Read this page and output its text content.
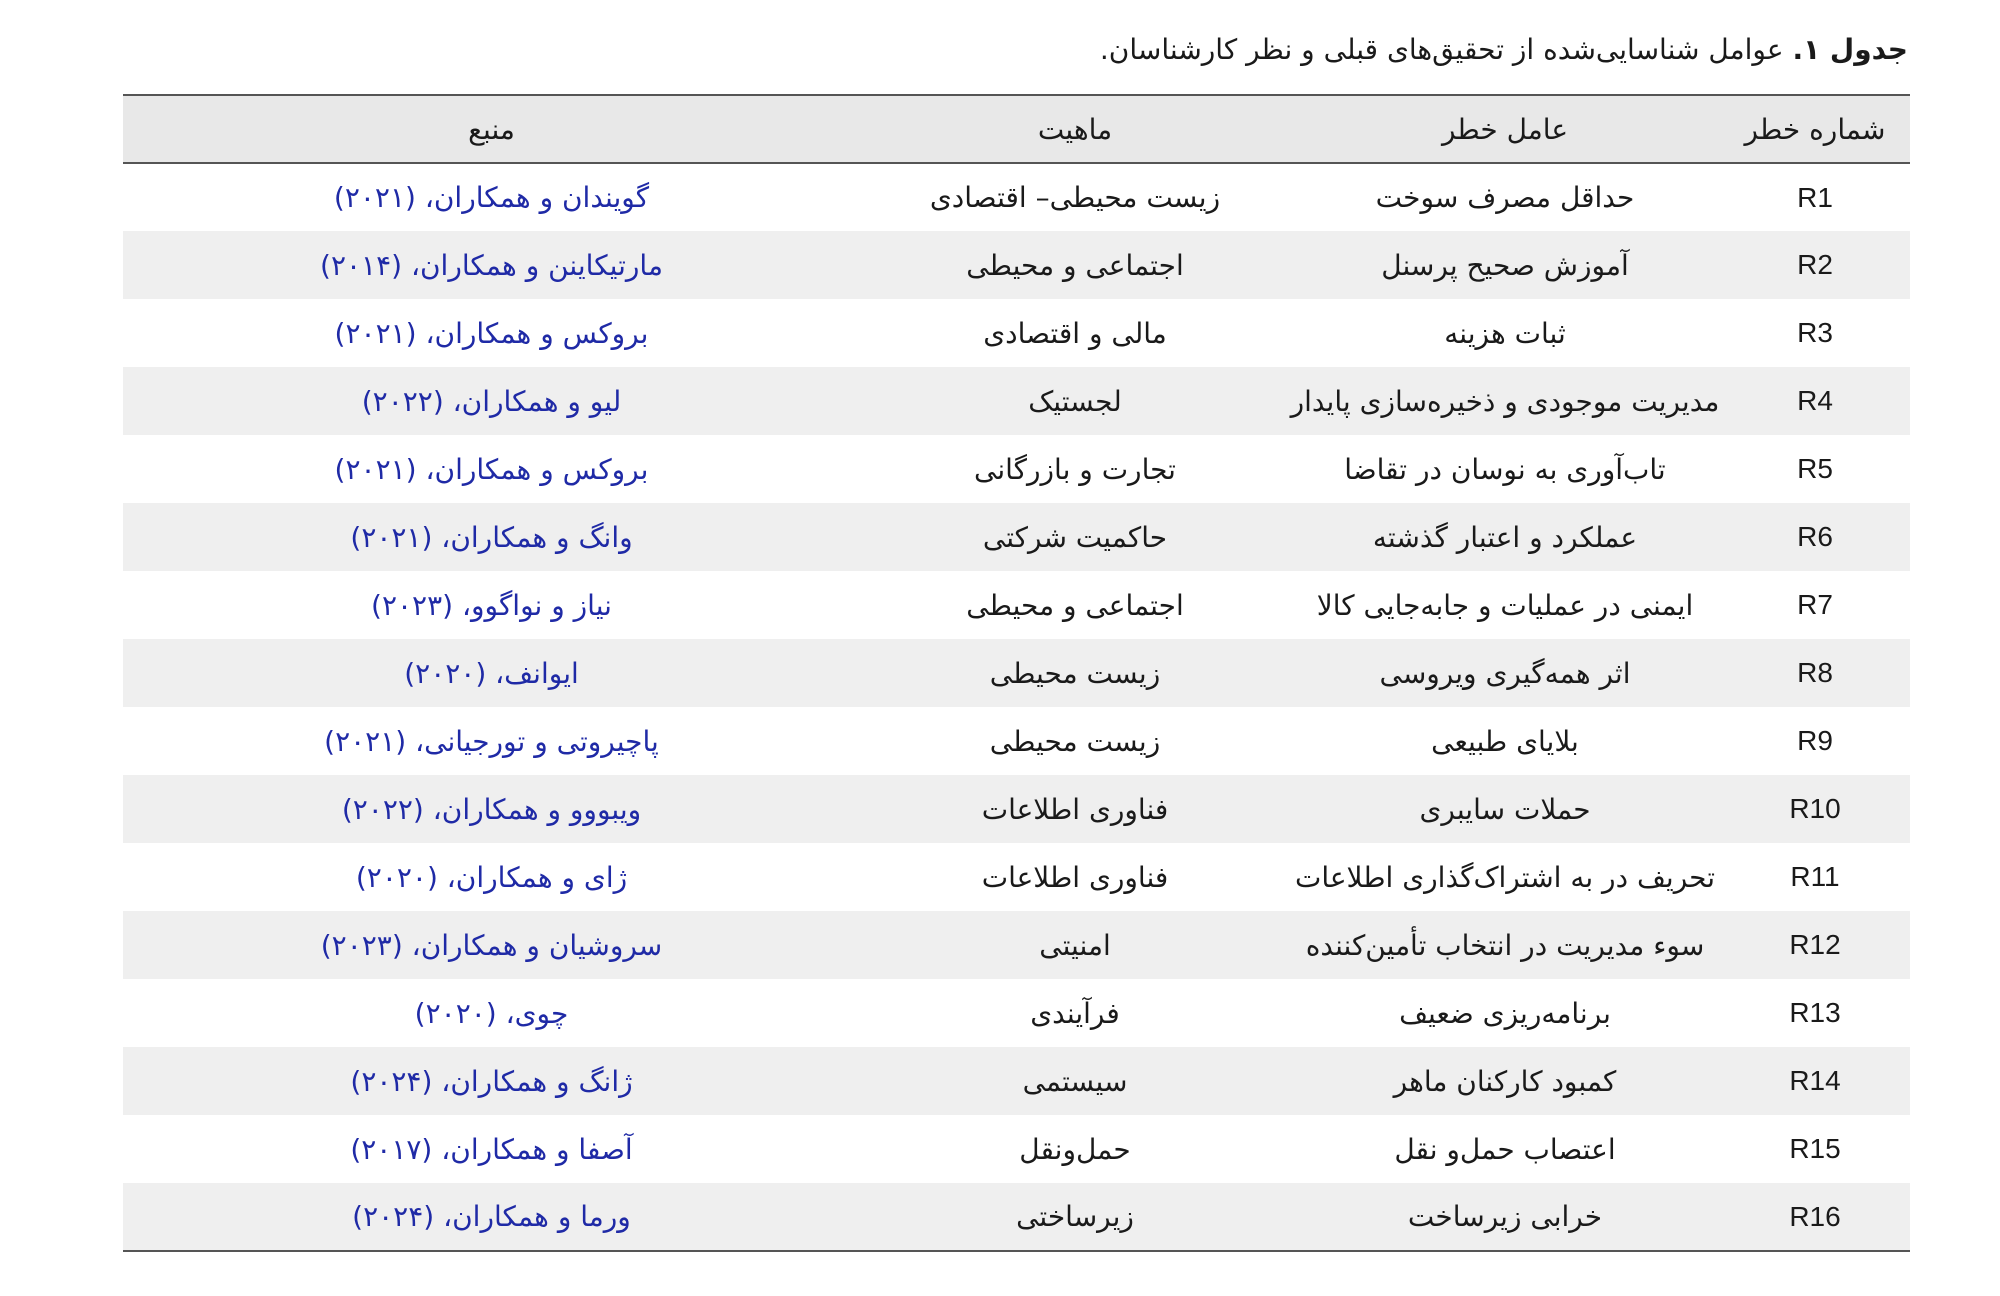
جدول ۱. عوامل شناسایی‌شده از تحقیق‌های قبلی و نظر کارشناسان.
شماره خطر	عامل خطر	ماهیت	منبع
R1	حداقل مصرف سوخت	زیست محیطی– اقتصادی	گویندان و همکاران، (۲۰۲۱)
R2	آموزش صحیح پرسنل	اجتماعی و محیطی	مارتیکاینن و همکاران، (۲۰۱۴)
R3	ثبات هزینه	مالی و اقتصادی	بروکس و همکاران، (۲۰۲۱)
R4	مدیریت موجودی و ذخیره‌سازی پایدار	لجستیک	لیو و همکاران، (۲۰۲۲)
R5	تاب‌آوری به نوسان در تقاضا	تجارت و بازرگانی	بروکس و همکاران، (۲۰۲۱)
R6	عملکرد و اعتبار گذشته	حاکمیت شرکتی	وانگ و همکاران، (۲۰۲۱)
R7	ایمنی در عملیات و جابه‌جایی کالا	اجتماعی و محیطی	نیاز و نواگوو، (۲۰۲۳)
R8	اثر همه‌گیری ویروسی	زیست محیطی	ایوانف، (۲۰۲۰)
R9	بلایای طبیعی	زیست محیطی	پاچیروتی و تورجیانی، (۲۰۲۱)
R10	حملات سایبری	فناوری اطلاعات	ویبووو و همکاران، (۲۰۲۲)
R11	تحریف در به اشتراک‌گذاری اطلاعات	فناوری اطلاعات	ژای و همکاران، (۲۰۲۰)
R12	سوء مدیریت در انتخاب تأمین‌کننده	امنیتی	سروشیان و همکاران، (۲۰۲۳)
R13	برنامه‌ریزی ضعیف	فرآیندی	چوی، (۲۰۲۰)
R14	کمبود کارکنان ماهر	سیستمی	ژانگ و همکاران، (۲۰۲۴)
R15	اعتصاب حمل‌و نقل	حمل‌ونقل	آصفا و همکاران، (۲۰۱۷)
R16	خرابی زیرساخت	زیرساختی	ورما و همکاران، (۲۰۲۴)
